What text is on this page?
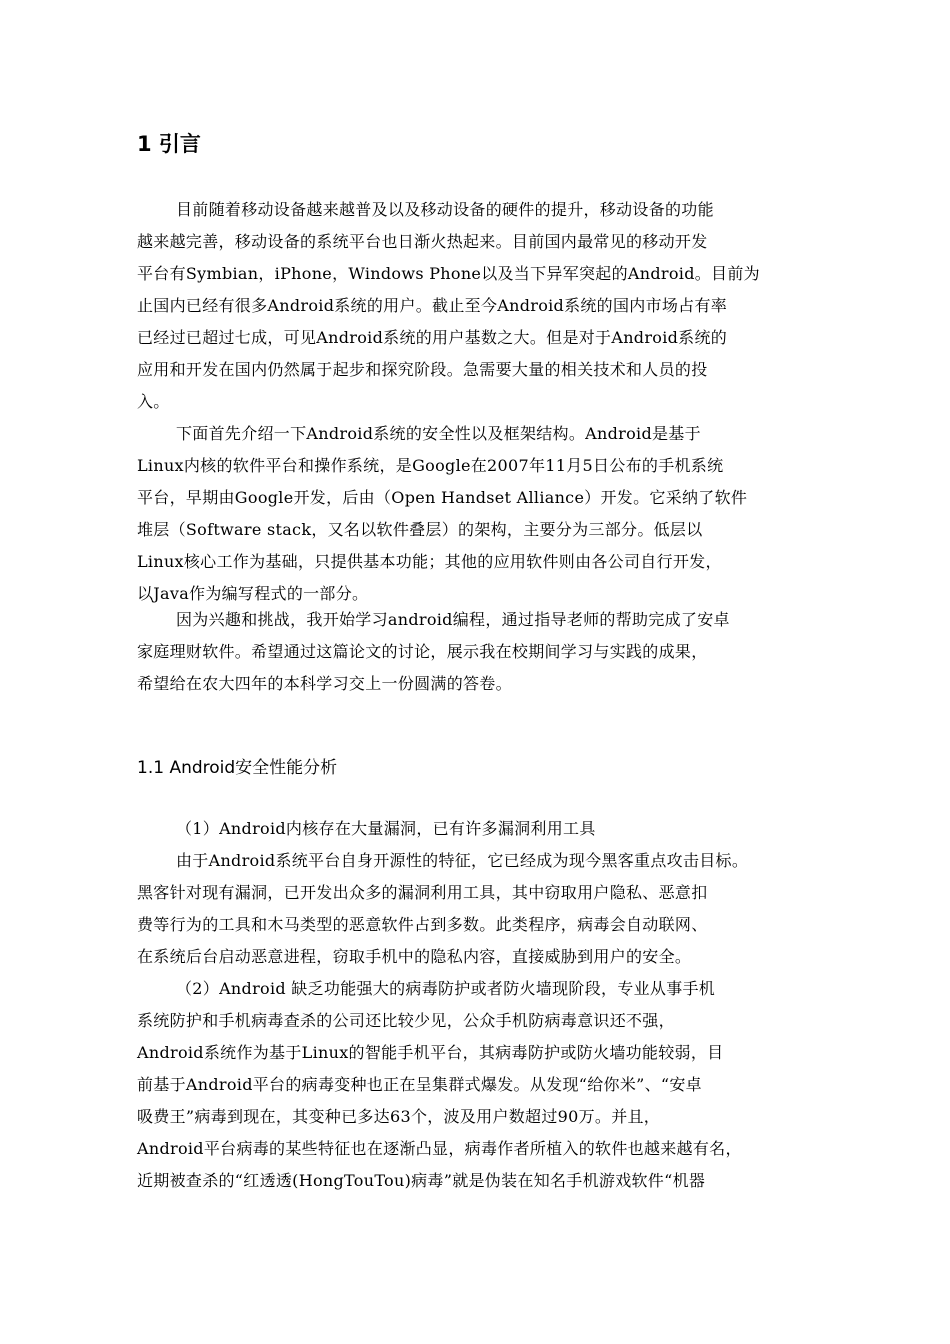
1 引言
目前随着移动设备越来越普及以及移动设备的硬件的提升，移动设备的功能
越来越完善，移动设备的系统平台也日渐火热起来。目前国内最常见的移动开发
平台有Symbian，iPhone，Windows Phone以及当下异军突起的Android。目前为
止国内已经有很多Android系统的用户。截止至今Android系统的国内市场占有率
已经过已超过七成，可见Android系统的用户基数之大。但是对于Android系统的
应用和开发在国内仍然属于起步和探究阶段。急需要大量的相关技术和人员的投
入。
下面首先介绍一下Android系统的安全性以及框架结构。Android是基于
Linux内核的软件平台和操作系统，是Google在2007年11月5日公布的手机系统
平台，早期由Google开发，后由（Open Handset Alliance）开发。它采纳了软件
堆层（Software stack，又名以软件叠层）的架构，主要分为三部分。低层以
Linux核心工作为基础，只提供基本功能；其他的应用软件则由各公司自行开发，
以Java作为编写程式的一部分。
因为兴趣和挑战，我开始学习android编程，通过指导老师的帮助完成了安卓
家庭理财软件。希望通过这篇论文的讨论，展示我在校期间学习与实践的成果，
希望给在农大四年的本科学习交上一份圆满的答卷。
1.1 Android安全性能分析
（1）Android内核存在大量漏洞，已有许多漏洞利用工具
由于Android系统平台自身开源性的特征，它已经成为现今黑客重点攻击目标。
黑客针对现有漏洞，已开发出众多的漏洞利用工具，其中窃取用户隐私、恶意扣
费等行为的工具和木马类型的恶意软件占到多数。此类程序，病毒会自动联网、
在系统后台启动恶意进程，窃取手机中的隐私内容，直接威胁到用户的安全。
（2）Android 缺乏功能强大的病毒防护或者防火墙现阶段，专业从事手机
系统防护和手机病毒查杀的公司还比较少见，公众手机防病毒意识还不强，
Android系统作为基于Linux的智能手机平台，其病毒防护或防火墙功能较弱，目
前基于Android平台的病毒变种也正在呈集群式爆发。从发现“给你米”、“安卓
吸费王”病毒到现在，其变种已多达63个，波及用户数超过90万。并且，
Android平台病毒的某些特征也在逐渐凸显，病毒作者所植入的软件也越来越有名，
近期被查杀的“红透透(HongTouTou)病毒”就是伪装在知名手机游戏软件“机器
